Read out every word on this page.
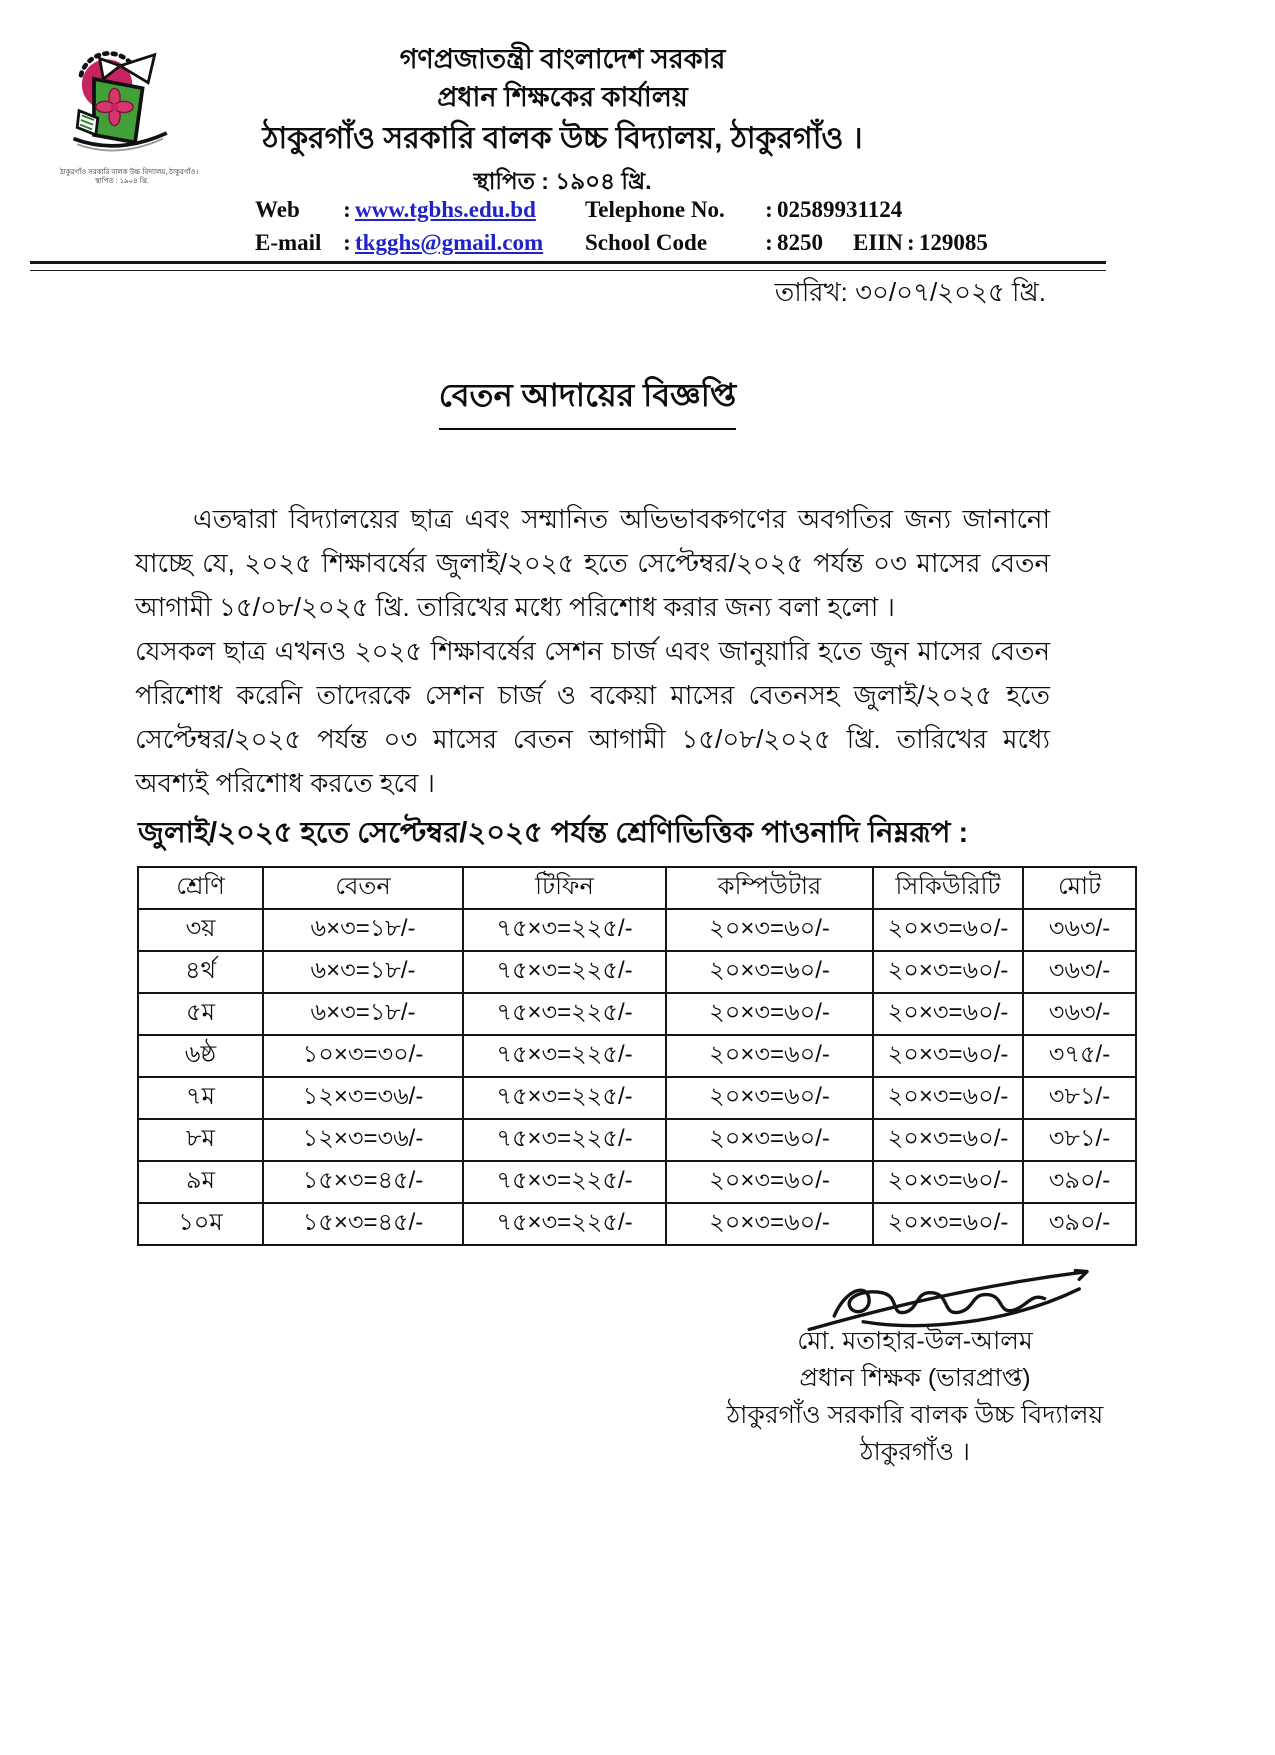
ঠাকুরগাঁও সরকারি বালক উচ্চ বিদ্যালয়, ঠাকুরগাঁও।
স্থাপিত : ১৯০৪ খ্রি.
গণপ্রজাতন্ত্রী বাংলাদেশ সরকার
প্রধান শিক্ষকের কার্যালয়
ঠাকুরগাঁও সরকারি বালক উচ্চ বিদ্যালয়, ঠাকুরগাঁও ।
স্থাপিত : ১৯০৪ খ্রি.
Web	: www.tgbhs.edu.bd Telephone No.	: 02589931124
E-mail : tkgghs@gmail.com School Code	: 8250 EIIN : 129085
তারিখ: ৩০/০৭/২০২৫ খ্রি.
বেতন আদায়ের বিজ্ঞপ্তি

এতদ্বারা বিদ্যালয়ের ছাত্র এবং সম্মানিত অভিভাবকগণের অবগতির জন্য জানানো যাচ্ছে যে, ২০২৫ শিক্ষাবর্ষের জুলাই/২০২৫ হতে সেপ্টেম্বর/২০২৫ পর্যন্ত ০৩ মাসের বেতন আগামী ১৫/০৮/২০২৫ খ্রি. তারিখের মধ্যে পরিশোধ করার জন্য বলা হলো ।

যেসকল ছাত্র এখনও ২০২৫ শিক্ষাবর্ষের সেশন চার্জ এবং জানুয়ারি হতে জুন মাসের বেতন পরিশোধ করেনি তাদেরকে সেশন চার্জ ও বকেয়া মাসের বেতনসহ জুলাই/২০২৫ হতে সেপ্টেম্বর/২০২৫ পর্যন্ত ০৩ মাসের বেতন আগামী ১৫/০৮/২০২৫ খ্রি. তারিখের মধ্যে অবশ্যই পরিশোধ করতে হবে ।

জুলাই/২০২৫ হতে সেপ্টেম্বর/২০২৫ পর্যন্ত শ্রেণিভিত্তিক পাওনাদি নিম্নরূপ :
শ্রেণি	বেতন	টিফিন	কম্পিউটার	সিকিউরিটি	মোট
৩য়	৬×৩=১৮/-	৭৫×৩=২২৫/-	২০×৩=৬০/-	২০×৩=৬০/-	৩৬৩/-
৪র্থ	৬×৩=১৮/-	৭৫×৩=২২৫/-	২০×৩=৬০/-	২০×৩=৬০/-	৩৬৩/-
৫ম	৬×৩=১৮/-	৭৫×৩=২২৫/-	২০×৩=৬০/-	২০×৩=৬০/-	৩৬৩/-
৬ষ্ঠ	১০×৩=৩০/-	৭৫×৩=২২৫/-	২০×৩=৬০/-	২০×৩=৬০/-	৩৭৫/-
৭ম	১২×৩=৩৬/-	৭৫×৩=২২৫/-	২০×৩=৬০/-	২০×৩=৬০/-	৩৮১/-
৮ম	১২×৩=৩৬/-	৭৫×৩=২২৫/-	২০×৩=৬০/-	২০×৩=৬০/-	৩৮১/-
৯ম	১৫×৩=৪৫/-	৭৫×৩=২২৫/-	২০×৩=৬০/-	২০×৩=৬০/-	৩৯০/-
১০ম	১৫×৩=৪৫/-	৭৫×৩=২২৫/-	২০×৩=৬০/-	২০×৩=৬০/-	৩৯০/-
মো. মতাহার-উল-আলম
প্রধান শিক্ষক (ভারপ্রাপ্ত)
ঠাকুরগাঁও সরকারি বালক উচ্চ বিদ্যালয়
ঠাকুরগাঁও ।
